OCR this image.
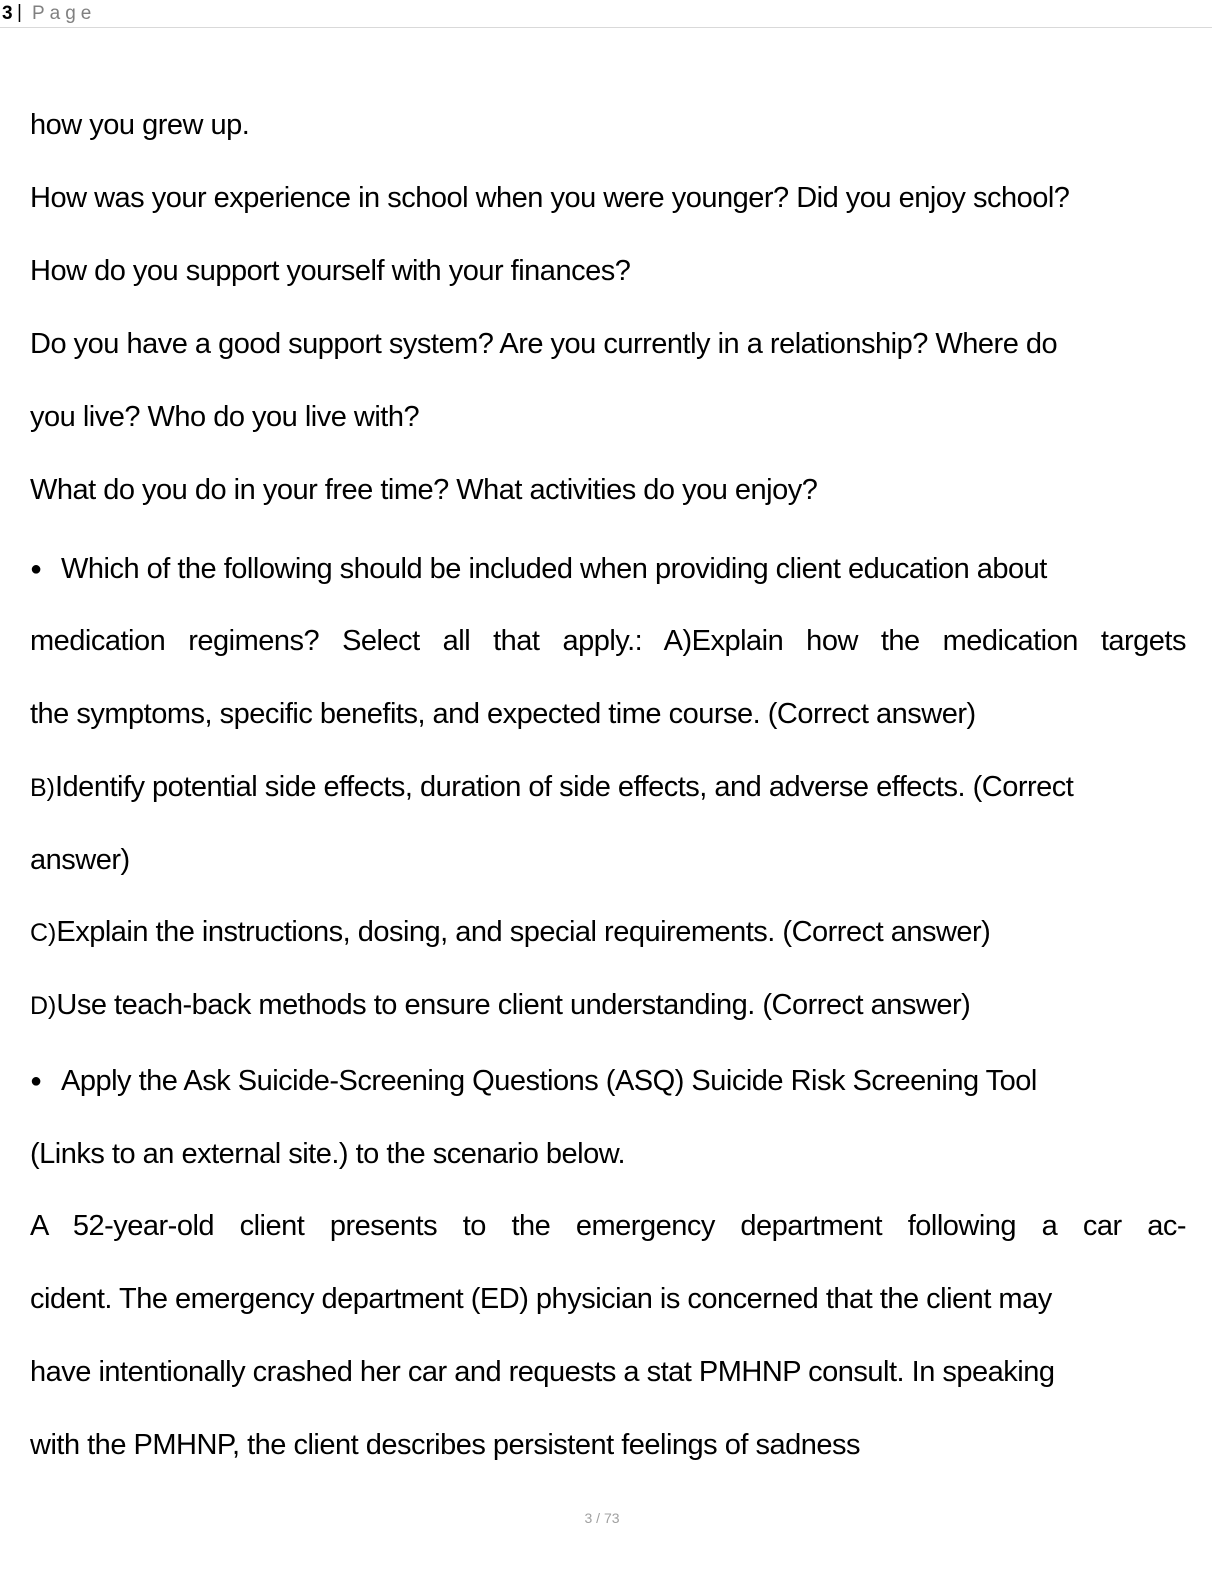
3 | Page
how you grew up.
How was your experience in school when you were younger? Did you enjoy school?
How do you support yourself with your finances?
Do you have a good support system? Are you currently in a relationship? Where do
you live? Who do you live with?
What do you do in your free time? What activities do you enjoy?
● Which of the following should be included when providing client education about
medication regimens? Select all that apply.: A)Explain how the medication targets
the symptoms, specific benefits, and expected time course. (Correct answer)
B)Identify potential side effects, duration of side effects, and adverse effects. (Correct
answer)
C)Explain the instructions, dosing, and special requirements. (Correct answer)
D)Use teach-back methods to ensure client understanding. (Correct answer)
● Apply the Ask Suicide-Screening Questions (ASQ) Suicide Risk Screening Tool
(Links to an external site.) to the scenario below.
A 52-year-old client presents to the emergency department following a car ac-
cident. The emergency department (ED) physician is concerned that the client may
have intentionally crashed her car and requests a stat PMHNP consult. In speaking
with the PMHNP, the client describes persistent feelings of sadness
3 / 73
